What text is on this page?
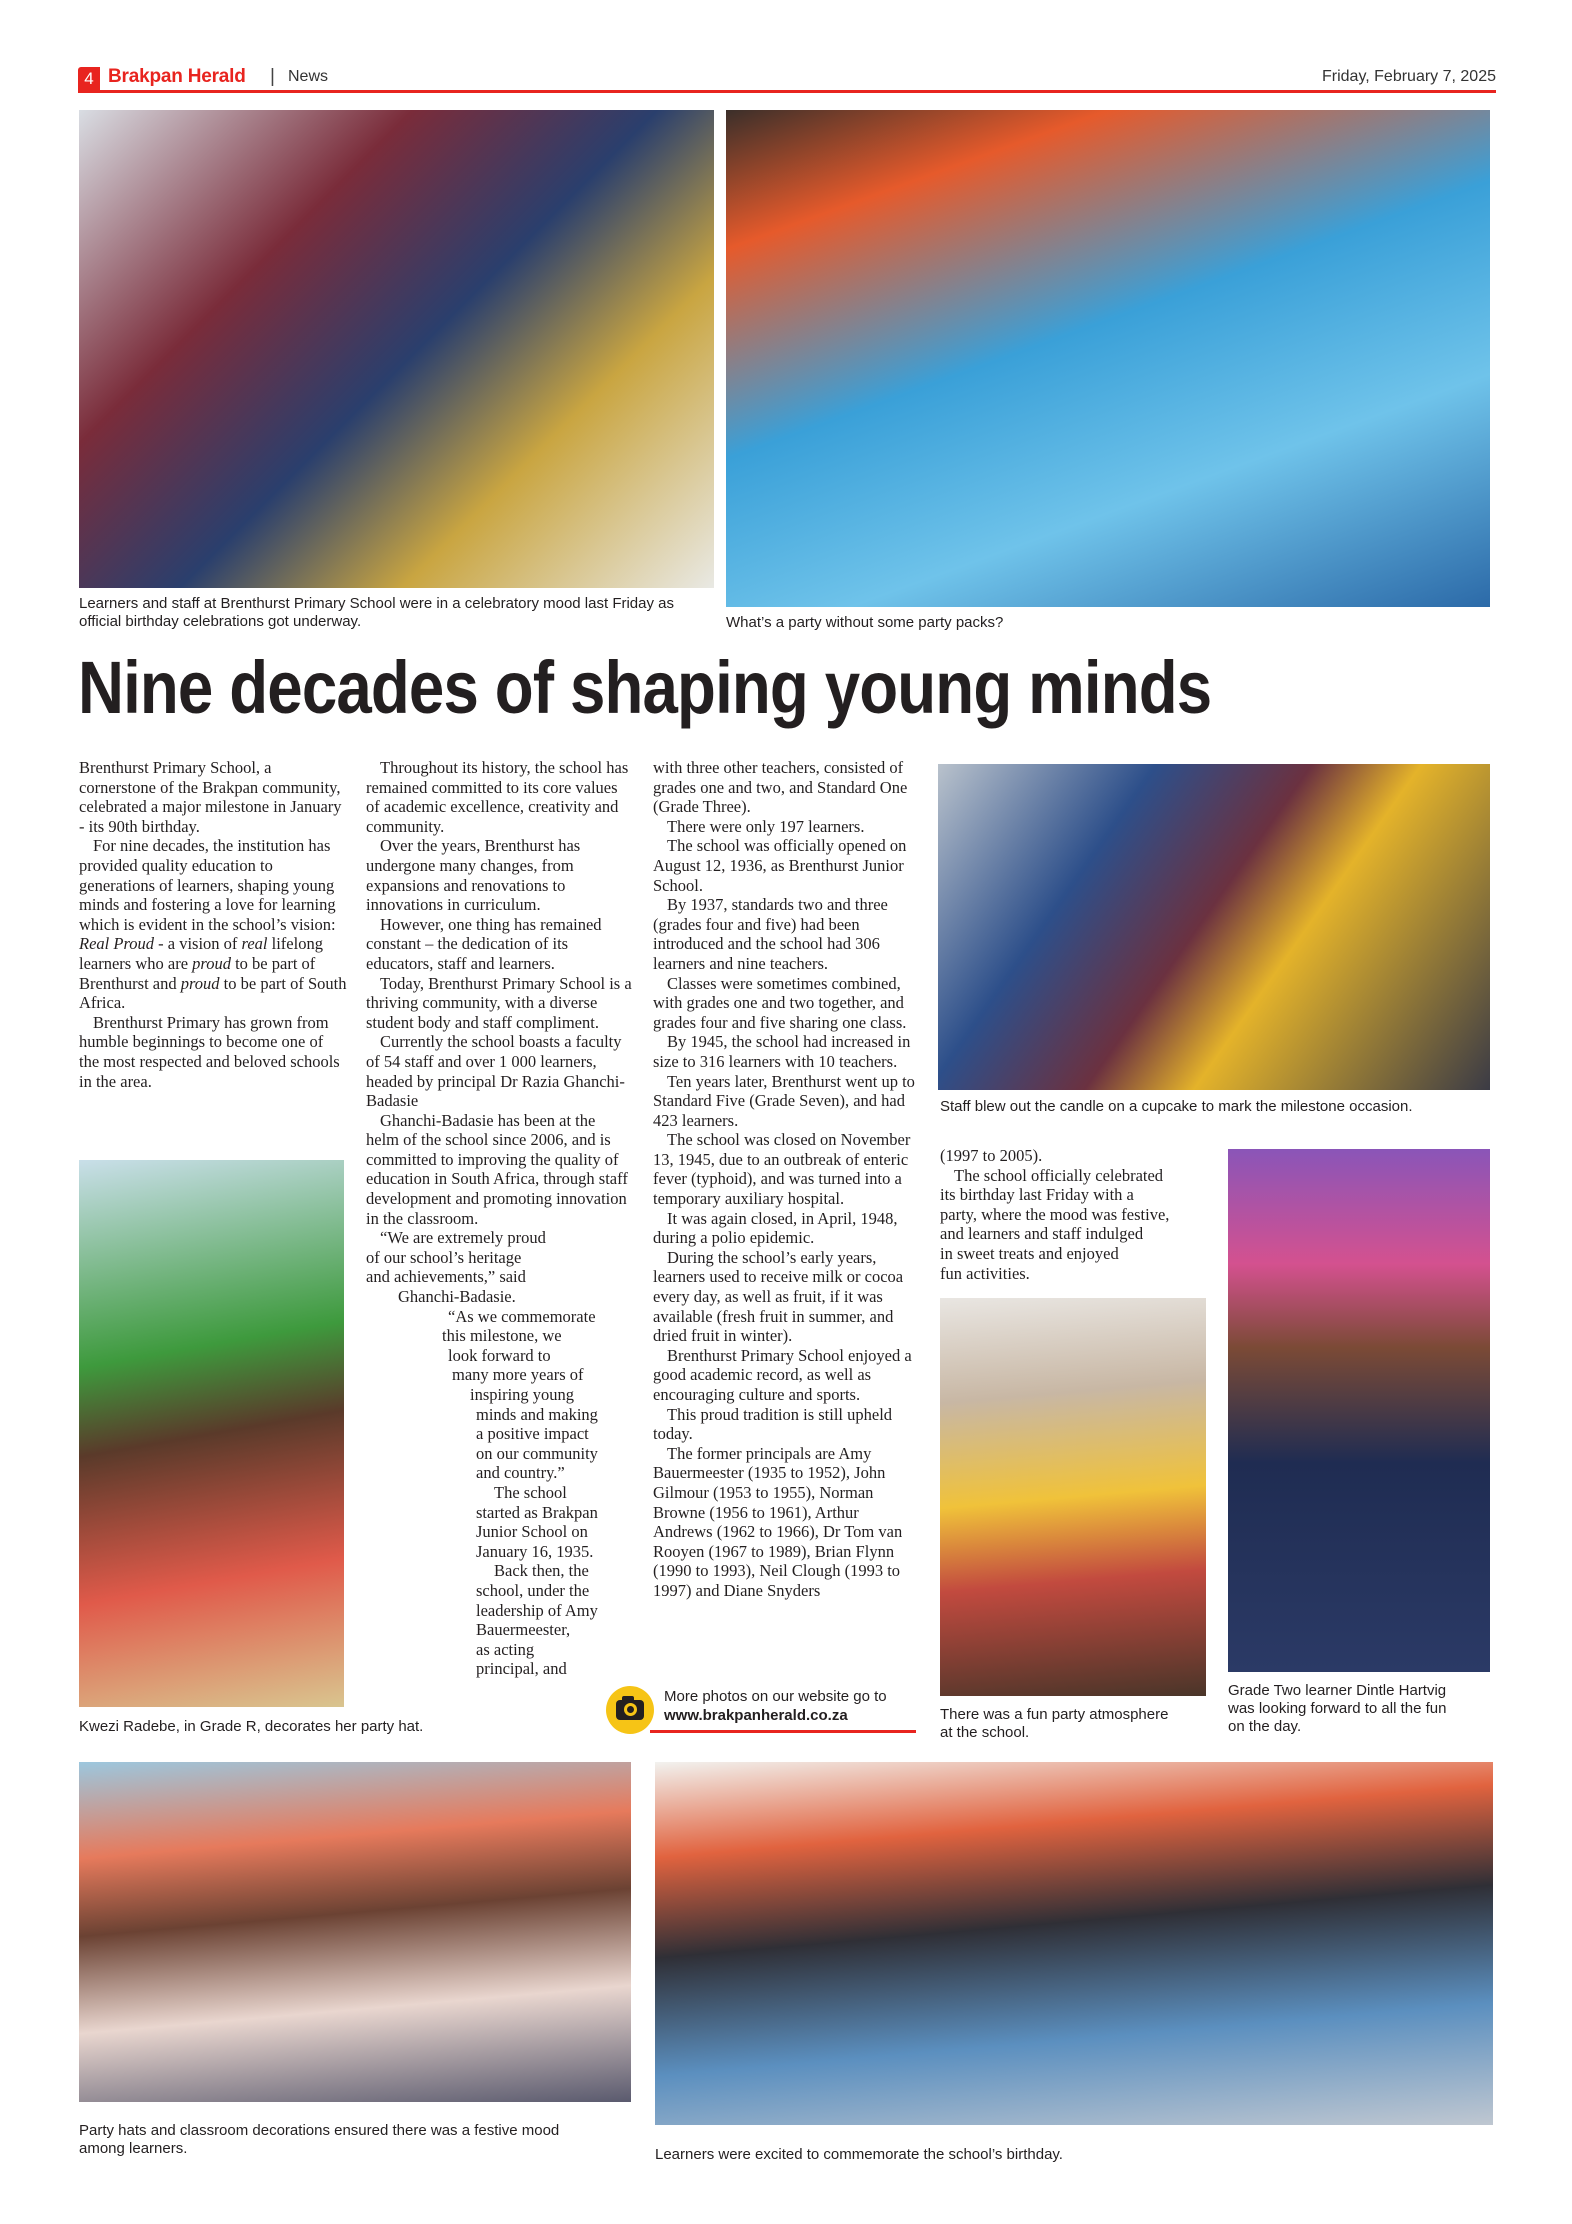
4 Brakpan Herald | News	Friday, February 7, 2025
Learners and staff at Brenthurst Primary School were in a celebratory mood last Friday as official birthday celebrations got underway.	What’s a party without some party packs?
Nine decades of shaping young minds

Brenthurst Primary School, a cornerstone of the Brakpan community, celebrated a major milestone in January - its 90th birthday.

For nine decades, the institution has provided quality education to generations of learners, shaping young minds and fostering a love for learning which is evident in the school’s vision: Real Proud - a vision of real lifelong learners who are proud to be part of Brenthurst and proud to be part of South Africa.

Brenthurst Primary has grown from humble beginnings to become one of the most respected and beloved schools in the area.

Kwezi Radebe, in Grade R, decorates her party hat.

Throughout its history, the school has remained committed to its core values of academic excellence, creativity and community.

Over the years, Brenthurst has undergone many changes, from expansions and renovations to innovations in curriculum.

However, one thing has remained constant – the dedication of its educators, staff and learners.

Today, Brenthurst Primary School is a thriving community, with a diverse student body and staff compliment.

Currently the school boasts a faculty of 54 staff and over 1 000 learners, headed by principal Dr Razia Ghanchi-Badasie

Ghanchi-Badasie has been at the helm of the school since 2006, and is committed to improving the quality of education in South Africa, through staff development and promoting innovation in the classroom.

“We are extremely proud
of our school’s heritage
and achievements,” said
Ghanchi-Badasie.
“As we commemorate
this milestone, we
look forward to
many more years of
inspiring young
minds and making
a positive impact
on our community
and country.”
The school
started as Brakpan
Junior School on
January 16, 1935.
Back then, the
school, under the
leadership of Amy
Bauermeester,
as acting
principal, and

with three other teachers, consisted of grades one and two, and Standard One (Grade Three).

There were only 197 learners.

The school was officially opened on August 12, 1936, as Brenthurst Junior School.

By 1937, standards two and three (grades four and five) had been introduced and the school had 306 learners and nine teachers.

Classes were sometimes combined, with grades one and two together, and grades four and five sharing one class.

By 1945, the school had increased in size to 316 learners with 10 teachers.

Ten years later, Brenthurst went up to Standard Five (Grade Seven), and had 423 learners.

The school was closed on November 13, 1945, due to an outbreak of enteric fever (typhoid), and was turned into a temporary auxiliary hospital.

It was again closed, in April, 1948, during a polio epidemic.

During the school’s early years, learners used to receive milk or cocoa every day, as well as fruit, if it was available (fresh fruit in summer, and dried fruit in winter).

Brenthurst Primary School enjoyed a good academic record, as well as encouraging culture and sports.

This proud tradition is still upheld today.

The former principals are Amy Bauermeester (1935 to 1952), John Gilmour (1953 to 1955), Norman Browne (1956 to 1961), Arthur Andrews (1962 to 1966), Dr Tom van Rooyen (1967 to 1989), Brian Flynn (1990 to 1993), Neil Clough (1993 to 1997) and Diane Snyders

More photos on our website go to
www.brakpanherald.co.za
Staff blew out the candle on a cupcake to mark the milestone occasion.
(1997 to 2005).
The school officially celebrated
its birthday last Friday with a
party, where the mood was festive,
and learners and staff indulged
in sweet treats and enjoyed
fun activities.
There was a fun party atmosphere
at the school.
Grade Two learner Dintle Hartvig
was looking forward to all the fun
on the day.
Party hats and classroom decorations ensured there was a festive mood
among learners.	Learners were excited to commemorate the school’s birthday.
